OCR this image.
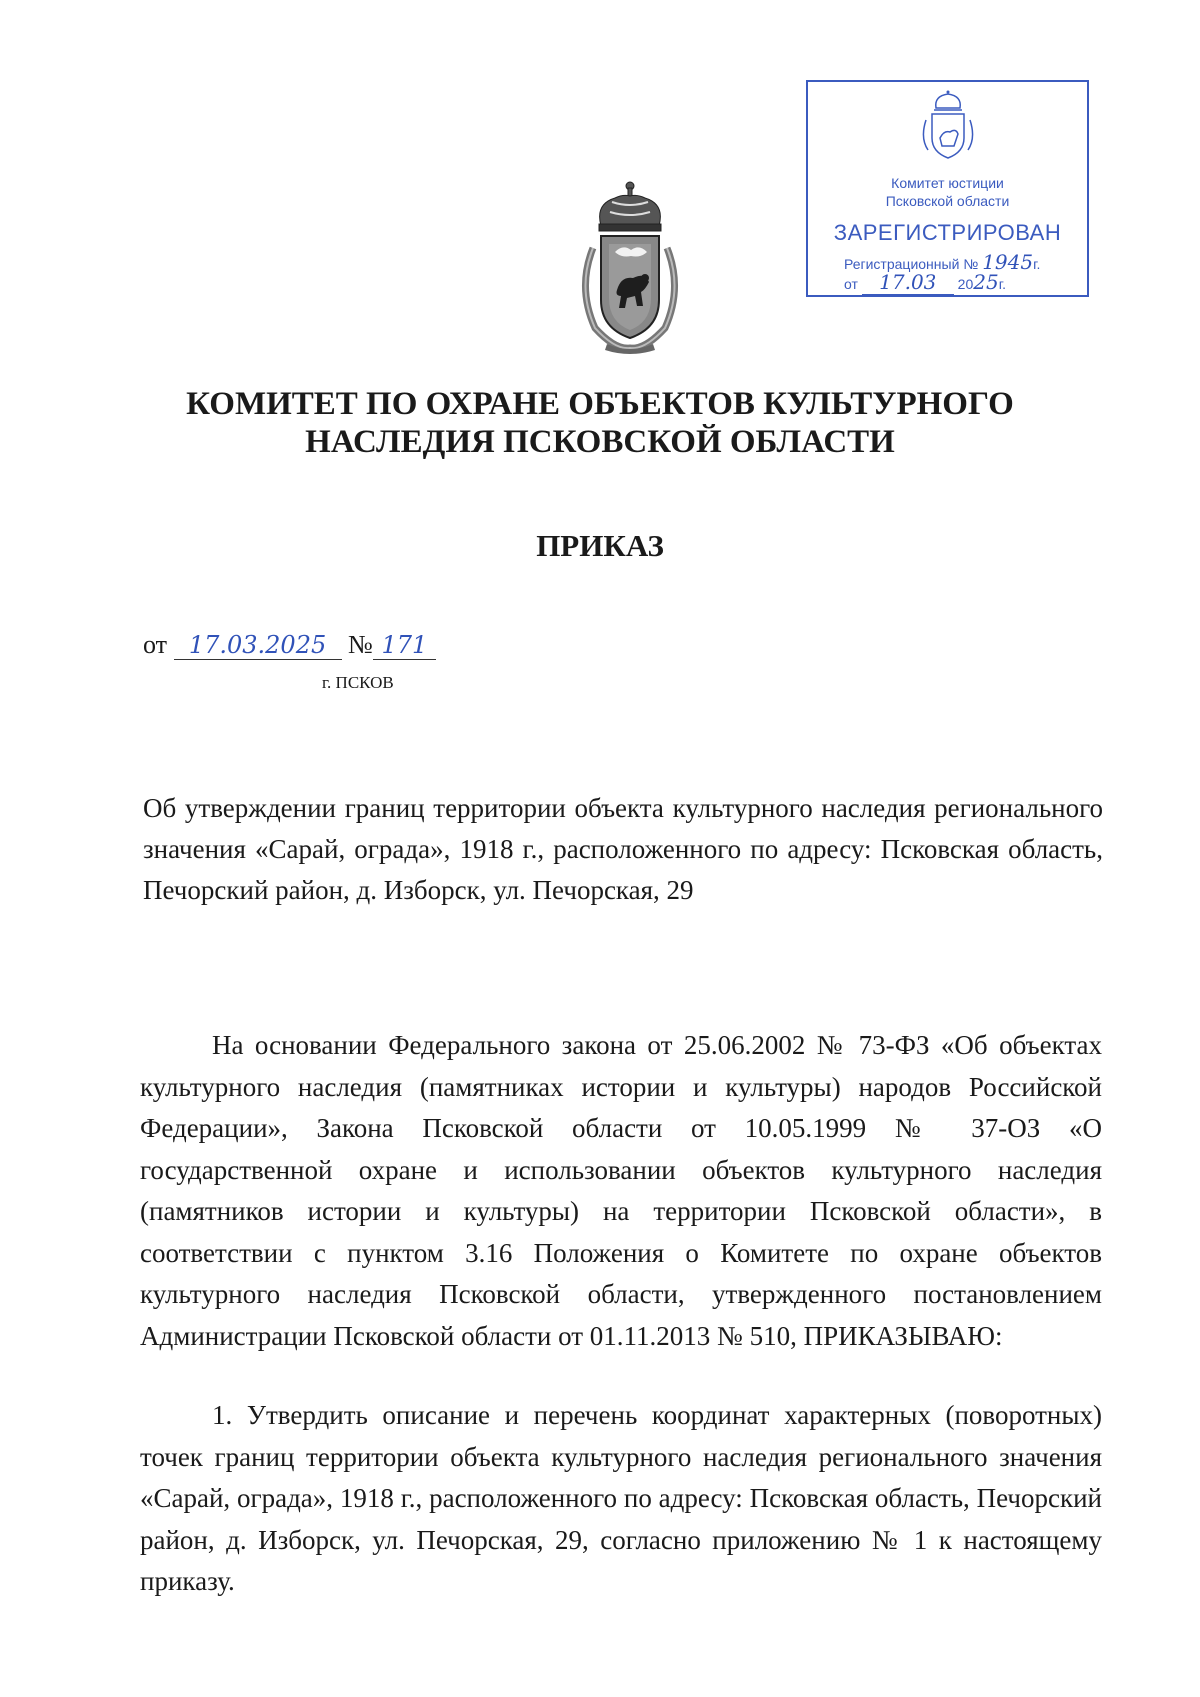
Комитет юстиции
Псковской области
ЗАРЕГИСТРИРОВАН
Регистрационный № 1945г.
от 17.03 2025г.
КОМИТЕТ ПО ОХРАНЕ ОБЪЕКТОВ КУЛЬТУРНОГО
НАСЛЕДИЯ ПСКОВСКОЙ ОБЛАСТИ
ПРИКАЗ
от 17.03.2025 № 171
г. ПСКОВ
Об утверждении границ территории объекта культурного наследия регионального значения «Сарай, ограда», 1918 г., расположенного по адресу: Псковская область, Печорский район, д. Изборск, ул. Печорская, 29
На основании Федерального закона от 25.06.2002 № 73-ФЗ «Об объектах культурного наследия (памятниках истории и культуры) народов Российской Федерации», Закона Псковской области от 10.05.1999 № 37-ОЗ «О государственной охране и использовании объектов культурного наследия (памятников истории и культуры) на территории Псковской области», в соответствии с пунктом 3.16 Положения о Комитете по охране объектов культурного наследия Псковской области, утвержденного постановлением Администрации Псковской области от 01.11.2013 № 510, ПРИКАЗЫВАЮ:
1. Утвердить описание и перечень координат характерных (поворотных) точек границ территории объекта культурного наследия регионального значения «Сарай, ограда», 1918 г., расположенного по адресу: Псковская область, Печорский район, д. Изборск, ул. Печорская, 29, согласно приложению № 1 к настоящему приказу.
